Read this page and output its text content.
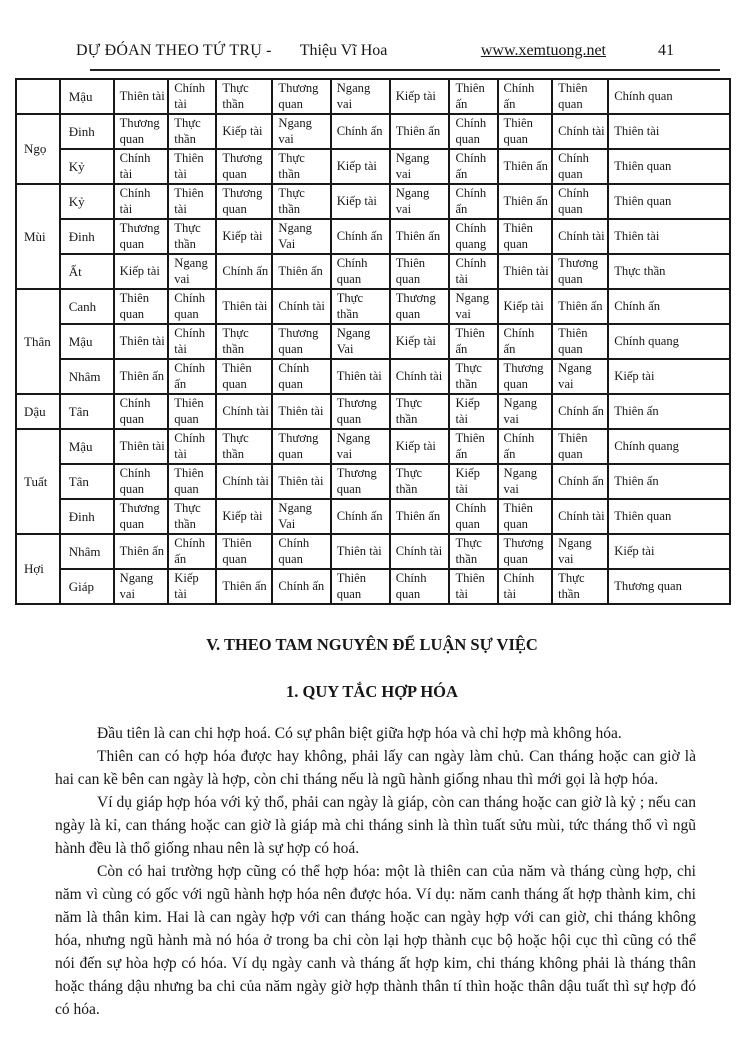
DỰ ĐÓAN THEO TỨ TRỤ - Thiệu Vĩ Hoa	www.xemtuong.net	41
	Mậu	Thiên tài	Chính tài	Thực thần	Thương quan	Ngang vai	Kiếp tài	Thiên ấn	Chính ấn	Thiên quan	Chính quan
Ngọ	Đinh	Thương quan	Thực thần	Kiếp tài	Ngang vai	Chính ấn	Thiên ấn	Chính quan	Thiên quan	Chính tài	Thiên tài
	Kỷ	Chính tài	Thiên tài	Thương quan	Thực thần	Kiếp tài	Ngang vai	Chính ấn	Thiên ấn	Chính quan	Thiên quan
Mùi	Kỷ	Chính tài	Thiên tài	Thương quan	Thực thần	Kiếp tài	Ngang vai	Chính ấn	Thiên ấn	Chính quan	Thiên quan
	Đinh	Thương quan	Thực thần	Kiếp tài	Ngang Vai	Chính ấn	Thiên ấn	Chính quang	Thiên quan	Chính tài	Thiên tài
	Ất	Kiếp tài	Ngang vai	Chính ấn	Thiên ấn	Chính quan	Thiên quan	Chính tài	Thiên tài	Thương quan	Thực thần
Thân	Canh	Thiên quan	Chính quan	Thiên tài	Chính tài	Thực thần	Thương quan	Ngang vai	Kiếp tài	Thiên ấn	Chính ấn
	Mậu	Thiên tài	Chính tài	Thực thần	Thương quan	Ngang Vai	Kiếp tài	Thiên ấn	Chính ấn	Thiên quan	Chính quang
	Nhâm	Thiên ấn	Chính ấn	Thiên quan	Chính quan	Thiên tài	Chính tài	Thực thần	Thương quan	Ngang vai	Kiếp tài
Dậu	Tân	Chính quan	Thiên quan	Chính tài	Thiên tài	Thương quan	Thực thần	Kiếp tài	Ngang vai	Chính ấn	Thiên ấn
Tuất	Mậu	Thiên tài	Chính tài	Thực thần	Thương quan	Ngang vai	Kiếp tài	Thiên ấn	Chính ấn	Thiên quan	Chính quang
	Tân	Chính quan	Thiên quan	Chính tài	Thiên tài	Thương quan	Thực thần	Kiếp tài	Ngang vai	Chính ấn	Thiên ấn
	Đinh	Thương quan	Thực thần	Kiếp tài	Ngang Vai	Chính ấn	Thiên ấn	Chính quan	Thiên quan	Chính tài	Thiên quan
Hợi	Nhâm	Thiên ấn	Chính ấn	Thiên quan	Chính quan	Thiên tài	Chính tài	Thực thần	Thương quan	Ngang vai	Kiếp tài
	Giáp	Ngang vai	Kiếp tài	Thiên ấn	Chính ấn	Thiên quan	Chính quan	Thiên tài	Chính tài	Thực thần	Thương quan
V. THEO TAM NGUYÊN ĐỂ LUẬN SỰ VIỆC
1. QUY TẮC HỢP HÓA

Đầu tiên là can chi hợp hoá. Có sự phân biệt giữa hợp hóa và chỉ hợp mà không hóa.

Thiên can có hợp hóa được hay không, phải lấy can ngày làm chủ. Can tháng hoặc can giờ là hai can kề bên can ngày là hợp, còn chi tháng nếu là ngũ hành giống nhau thì mới gọi là hợp hóa.

Ví dụ giáp hợp hóa với kỷ thổ, phải can ngày là giáp, còn can tháng hoặc can giờ là kỷ ; nếu can ngày là kỉ, can tháng hoặc can giờ là giáp mà chi tháng sinh là thìn tuất sửu mùi, tức tháng thổ vì ngũ hành đều là thổ giống nhau nên là sự hợp có hoá.

Còn có hai trường hợp cũng có thể hợp hóa: một là thiên can của năm và tháng cùng hợp, chi năm vì cùng có gốc với ngũ hành hợp hóa nên được hóa. Ví dụ: năm canh tháng ất hợp thành kim, chi năm là thân kim. Hai là can ngày hợp với can tháng hoặc can ngày hợp với can giờ, chi tháng không hóa, nhưng ngũ hành mà nó hóa ở trong ba chi còn lại hợp thành cục bộ hoặc hội cục thì cũng có thể nói đến sự hòa hợp có hóa. Ví dụ ngày canh và tháng ất hợp kim, chi tháng không phải là tháng thân hoặc tháng dậu nhưng ba chi của năm ngày giờ hợp thành thân tí thìn hoặc thân dậu tuất thì sự hợp đó có hóa.
